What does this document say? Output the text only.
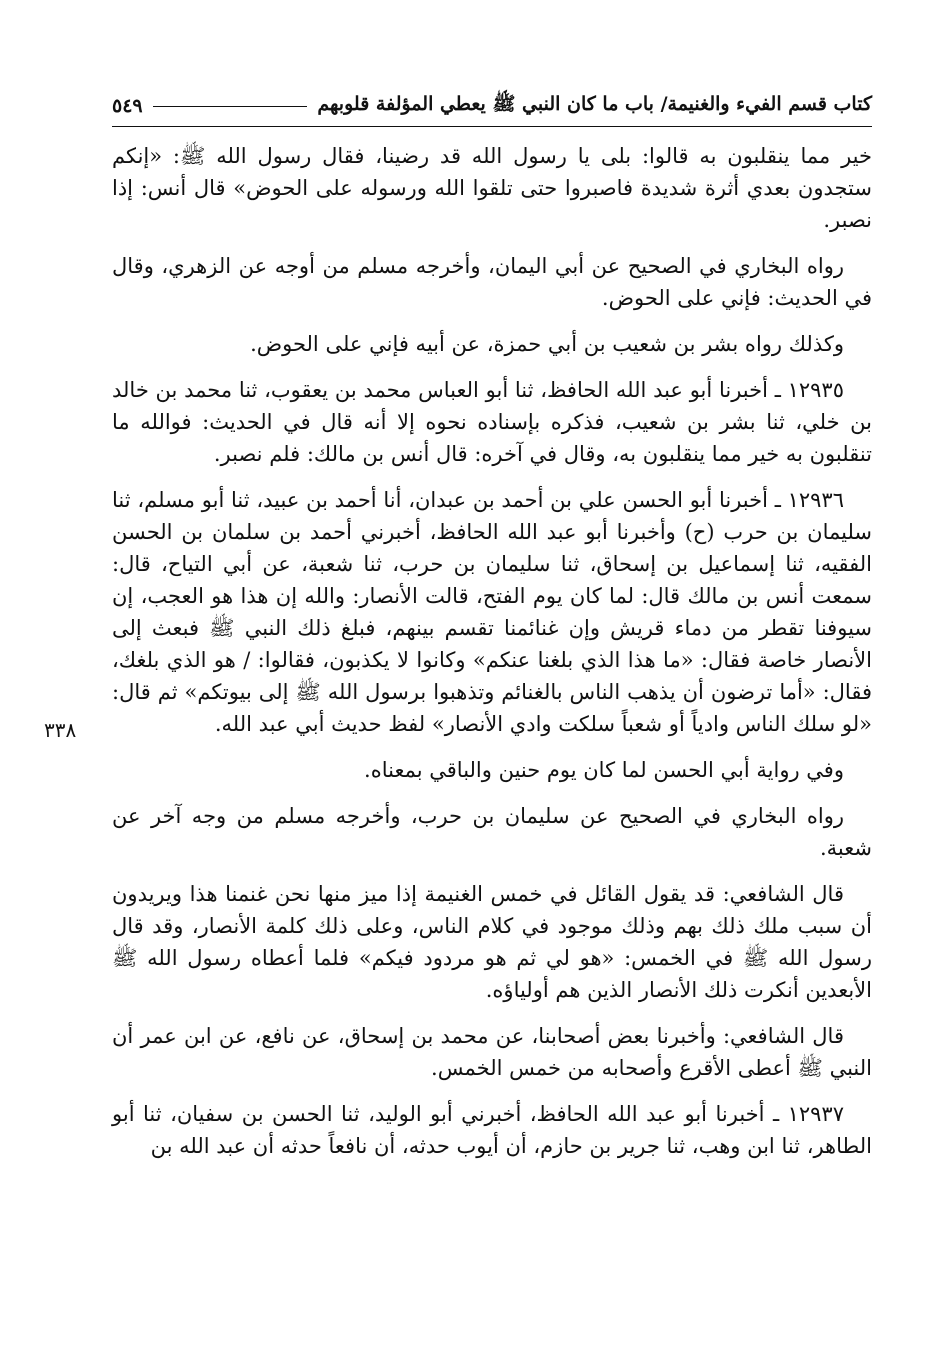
كتاب قسم الفيء والغنيمة/ باب ما كان النبي ﷺ يعطي المؤلفة قلوبهم
٥٤٩

خير مما ينقلبون به قالوا: بلى يا رسول الله قد رضينا، فقال رسول الله ﷺ: «إنكم ستجدون بعدي أثرة شديدة فاصبروا حتى تلقوا الله ورسوله على الحوض» قال أنس: إذا نصبر.

رواه البخاري في الصحيح عن أبي اليمان، وأخرجه مسلم من أوجه عن الزهري، وقال في الحديث: فإني على الحوض.

وكذلك رواه بشر بن شعيب بن أبي حمزة، عن أبيه فإني على الحوض.

١٢٩٣٥ ـ أخبرنا أبو عبد الله الحافظ، ثنا أبو العباس محمد بن يعقوب، ثنا محمد بن خالد بن خلي، ثنا بشر بن شعيب، فذكره بإسناده نحوه إلا أنه قال في الحديث: فوالله ما تنقلبون به خير مما ينقلبون به، وقال في آخره: قال أنس بن مالك: فلم نصبر.

١٢٩٣٦ ـ أخبرنا أبو الحسن علي بن أحمد بن عبدان، أنا أحمد بن عبيد، ثنا أبو مسلم، ثنا سليمان بن حرب (ح) وأخبرنا أبو عبد الله الحافظ، أخبرني أحمد بن سلمان بن الحسن الفقيه، ثنا إسماعيل بن إسحاق، ثنا سليمان بن حرب، ثنا شعبة، عن أبي التياح، قال: سمعت أنس بن مالك قال: لما كان يوم الفتح، قالت الأنصار: والله إن هذا هو العجب، إن سيوفنا تقطر من دماء قريش وإن غنائمنا تقسم بينهم، فبلغ ذلك النبي ﷺ فبعث إلى الأنصار خاصة فقال: «ما هذا الذي بلغنا عنكم» وكانوا لا يكذبون، فقالوا: / هو الذي بلغك، فقال: «أما ترضون أن يذهب الناس بالغنائم وتذهبوا برسول الله ﷺ إلى بيوتكم» ثم قال: «لو سلك الناس وادياً أو شعباً سلكت وادي الأنصار» لفظ حديث أبي عبد الله.

وفي رواية أبي الحسن لما كان يوم حنين والباقي بمعناه.

رواه البخاري في الصحيح عن سليمان بن حرب، وأخرجه مسلم من وجه آخر عن شعبة.

قال الشافعي: قد يقول القائل في خمس الغنيمة إذا ميز منها نحن غنمنا هذا ويريدون أن سبب ملك ذلك بهم وذلك موجود في كلام الناس، وعلى ذلك كلمة الأنصار، وقد قال رسول الله ﷺ في الخمس: «هو لي ثم هو مردود فيكم» فلما أعطاه رسول الله ﷺ الأبعدين أنكرت ذلك الأنصار الذين هم أولياؤه.

قال الشافعي: وأخبرنا بعض أصحابنا، عن محمد بن إسحاق، عن نافع، عن ابن عمر أن النبي ﷺ أعطى الأقرع وأصحابه من خمس الخمس.

١٢٩٣٧ ـ أخبرنا أبو عبد الله الحافظ، أخبرني أبو الوليد، ثنا الحسن بن سفيان، ثنا أبو الطاهر، ثنا ابن وهب، ثنا جرير بن حازم، أن أيوب حدثه، أن نافعاً حدثه أن عبد الله بن

٣٣٨
